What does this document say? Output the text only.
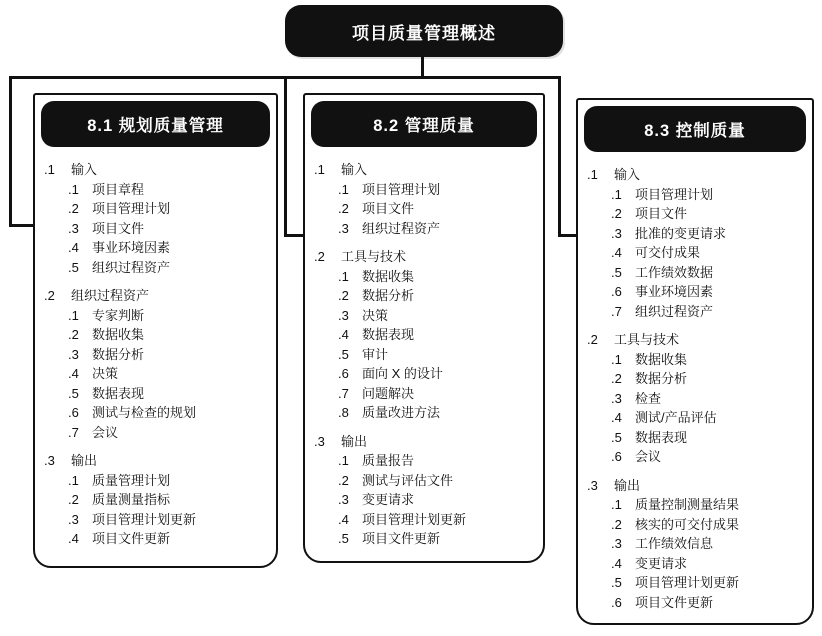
项目质量管理概述
8.1 规划质量管理
.1	输入
.1	项目章程
.2	项目管理计划
.3	项目文件
.4	事业环境因素
.5	组织过程资产
.2	组织过程资产
.1	专家判断
.2	数据收集
.3	数据分析
.4	决策
.5	数据表现
.6	测试与检查的规划
.7	会议
.3	输出
.1	质量管理计划
.2	质量测量指标
.3	项目管理计划更新
.4	项目文件更新
8.2 管理质量
.1	输入
.1	项目管理计划
.2	项目文件
.3	组织过程资产
.2	工具与技术
.1	数据收集
.2	数据分析
.3	决策
.4	数据表现
.5	审计
.6	面向 X 的设计
.7	问题解决
.8	质量改进方法
.3	输出
.1	质量报告
.2	测试与评估文件
.3	变更请求
.4	项目管理计划更新
.5	项目文件更新
8.3 控制质量
.1	输入
.1	项目管理计划
.2	项目文件
.3	批准的变更请求
.4	可交付成果
.5	工作绩效数据
.6	事业环境因素
.7	组织过程资产
.2	工具与技术
.1	数据收集
.2	数据分析
.3	检查
.4	测试/产品评估
.5	数据表现
.6	会议
.3	输出
.1	质量控制测量结果
.2	核实的可交付成果
.3	工作绩效信息
.4	变更请求
.5	项目管理计划更新
.6	项目文件更新
